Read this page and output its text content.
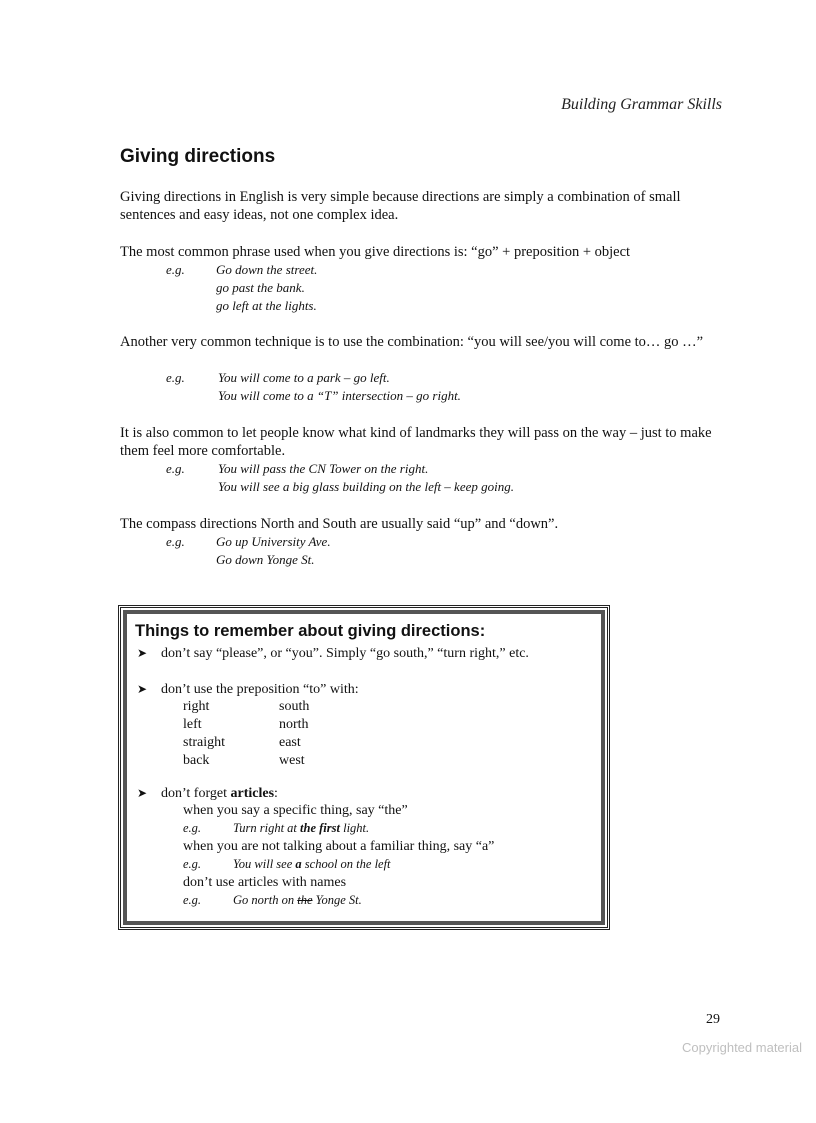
Building Grammar Skills
Giving directions
Giving directions in English is very simple because directions are simply a combination of small sentences and easy ideas, not one complex idea.
The most common phrase used when you give directions is: “go” + preposition + object
e.g.	Go down the street.
go past the bank.
go left at the lights.
Another very common technique is to use the combination: “you will see/you will come to… go …”
e.g.	You will come to a park – go left.
You will come to a “T” intersection – go right.
It is also common to let people know what kind of landmarks they will pass on the way – just to make them feel more comfortable.
e.g.	You will pass the CN Tower on the right.
You will see a big glass building on the left – keep going.
The compass directions North and South are usually said “up” and “down”.
e.g.	Go up University Ave.
Go down Yonge St.
Things to remember about giving directions:
➤ don’t say “please”, or “you”. Simply “go south,” “turn right,” etc.
➤ don’t use the preposition “to” with:
right	south
left	north
straight	east
back	west
➤ don’t forget articles:
when you say a specific thing, say “the”
e.g.	Turn right at the first light.
when you are not talking about a familiar thing, say “a”
e.g.	You will see a school on the left
don’t use articles with names
e.g.	Go north on the Yonge St.
29
Copyrighted material
